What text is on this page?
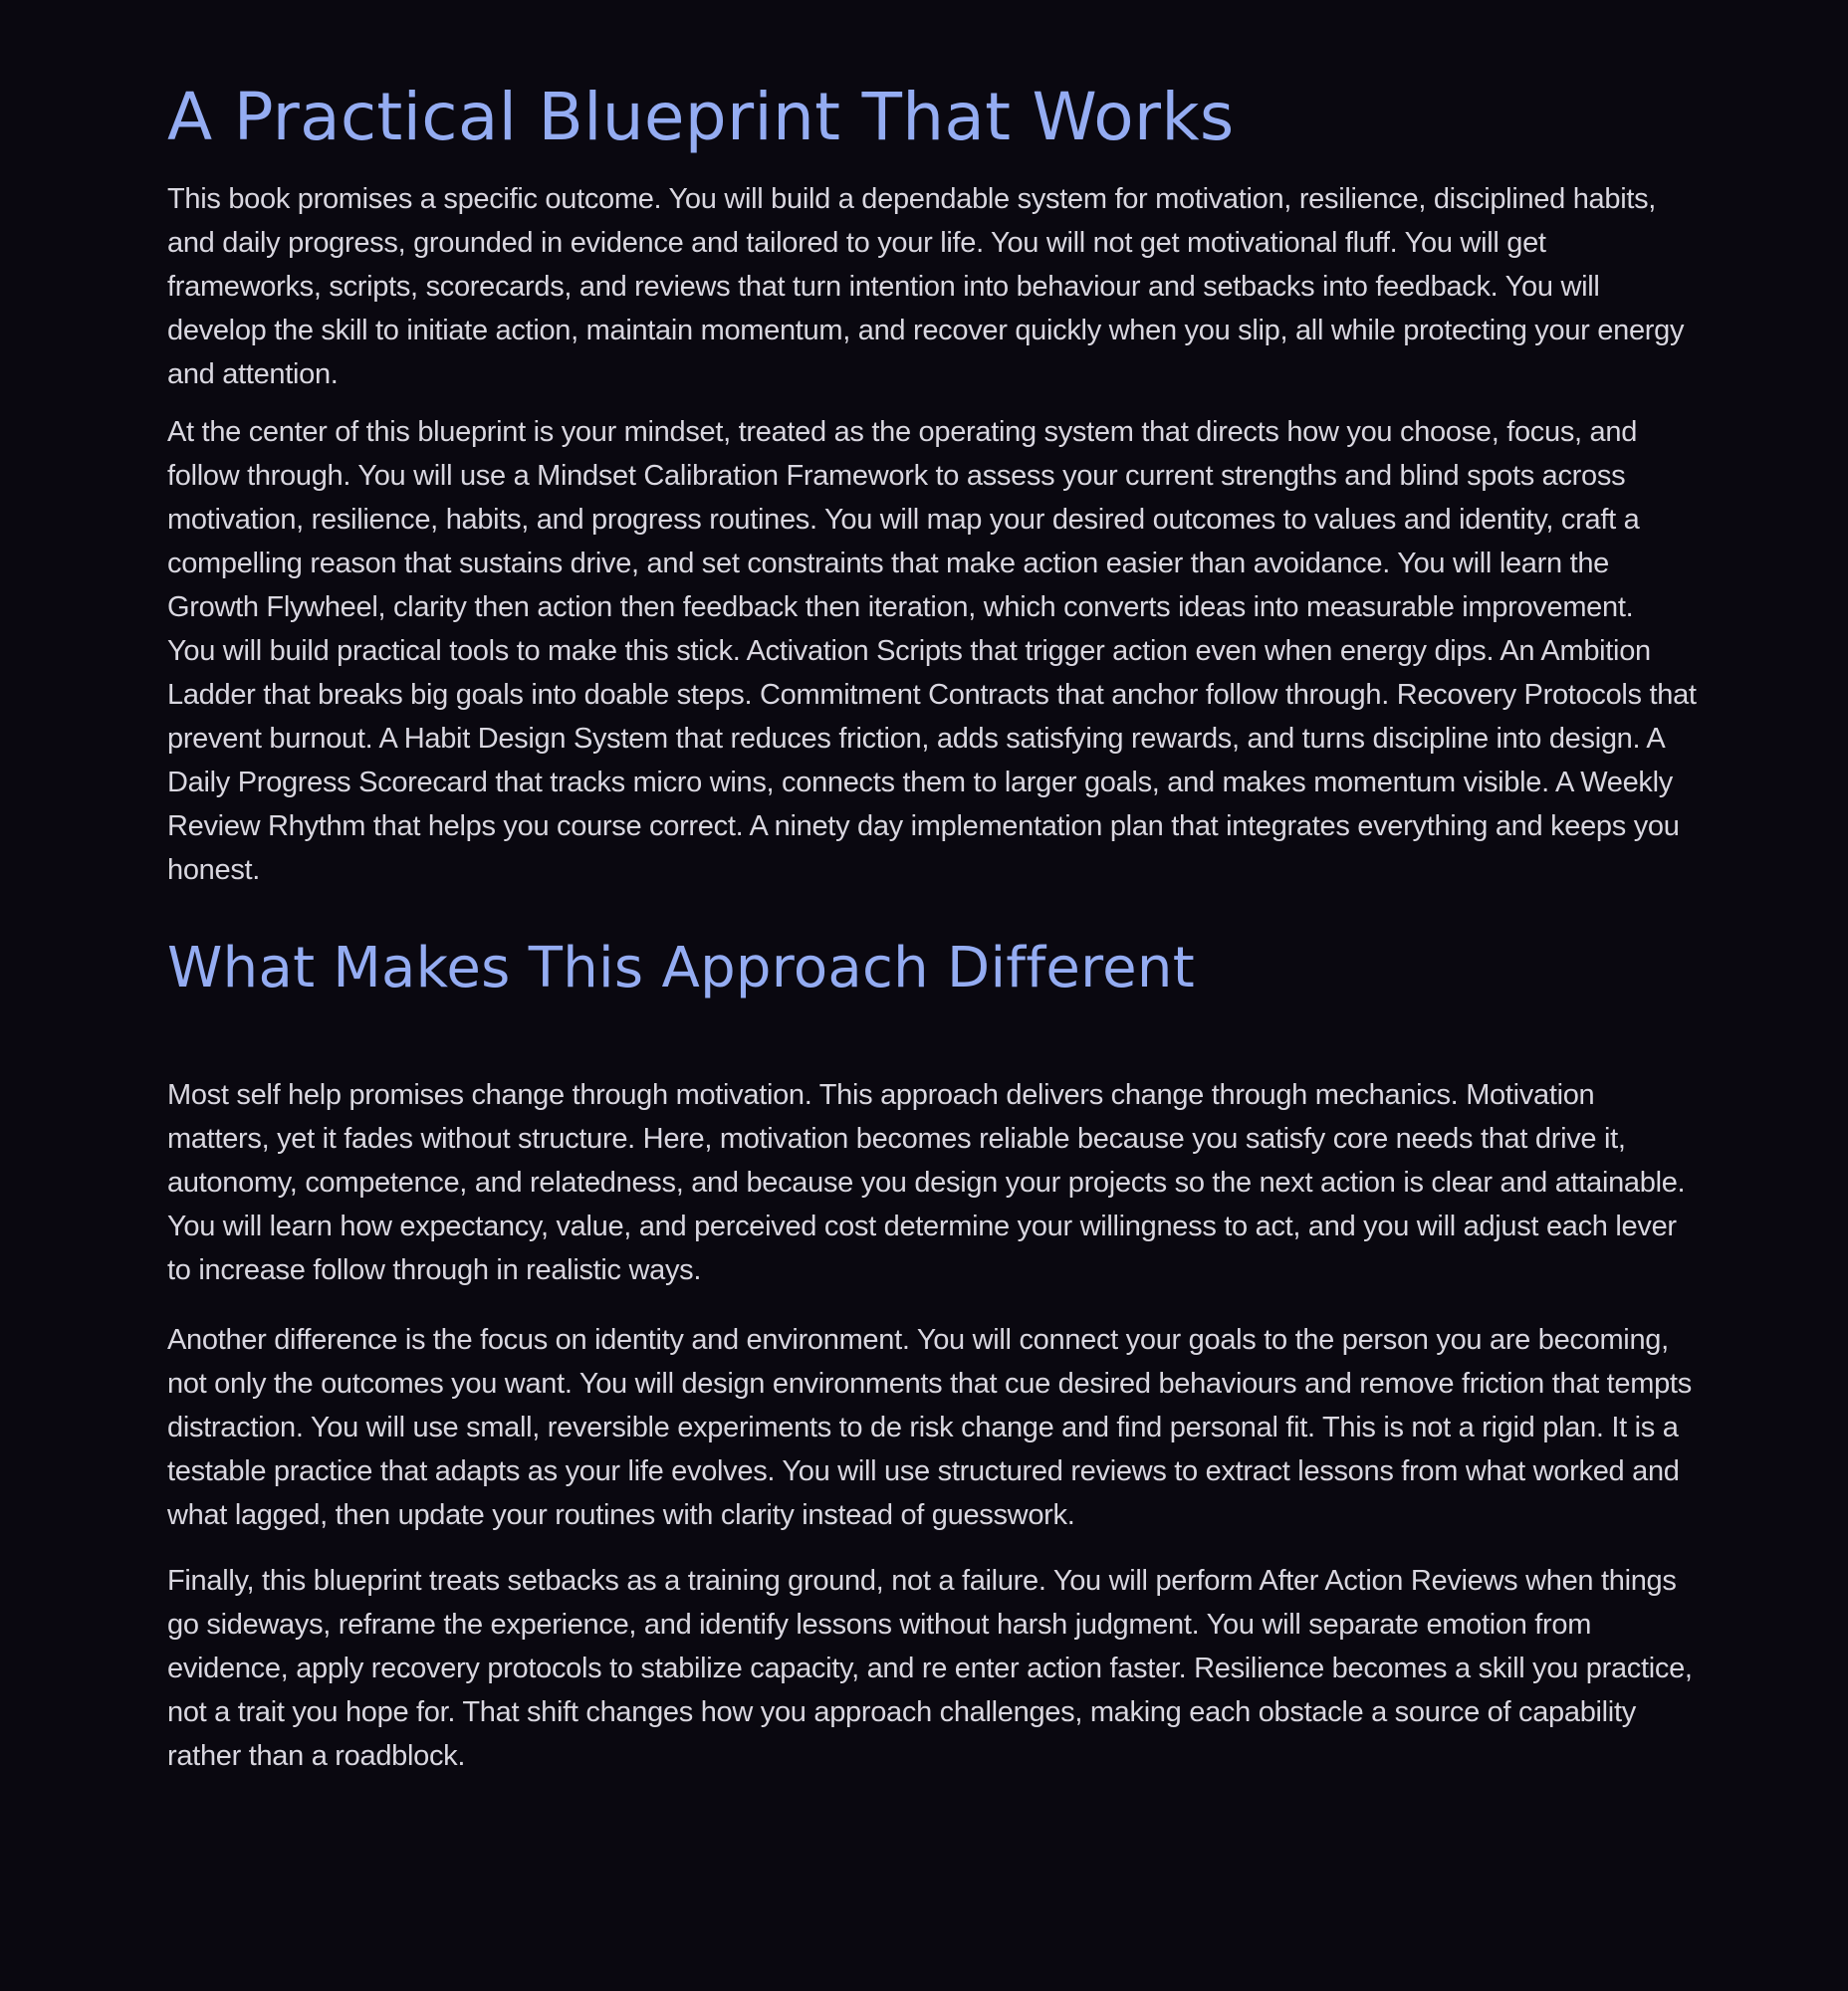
A Practical Blueprint That Works

This book promises a specific outcome. You will build a dependable system for motivation, resilience, disciplined habits, and daily progress, grounded in evidence and tailored to your life. You will not get motivational fluff. You will get frameworks, scripts, scorecards, and reviews that turn intention into behaviour and setbacks into feedback. You will develop the skill to initiate action, maintain momentum, and recover quickly when you slip, all while protecting your energy and attention.

At the center of this blueprint is your mindset, treated as the operating system that directs how you choose, focus, and follow through. You will use a Mindset Calibration Framework to assess your current strengths and blind spots across motivation, resilience, habits, and progress routines. You will map your desired outcomes to values and identity, craft a compelling reason that sustains drive, and set constraints that make action easier than avoidance. You will learn the Growth Flywheel, clarity then action then feedback then iteration, which converts ideas into measurable improvement.

You will build practical tools to make this stick. Activation Scripts that trigger action even when energy dips. An Ambition Ladder that breaks big goals into doable steps. Commitment Contracts that anchor follow through. Recovery Protocols that prevent burnout. A Habit Design System that reduces friction, adds satisfying rewards, and turns discipline into design. A Daily Progress Scorecard that tracks micro wins, connects them to larger goals, and makes momentum visible. A Weekly Review Rhythm that helps you course correct. A ninety day implementation plan that integrates everything and keeps you honest.

What Makes This Approach Different

Most self help promises change through motivation. This approach delivers change through mechanics. Motivation matters, yet it fades without structure. Here, motivation becomes reliable because you satisfy core needs that drive it, autonomy, competence, and relatedness, and because you design your projects so the next action is clear and attainable. You will learn how expectancy, value, and perceived cost determine your willingness to act, and you will adjust each lever to increase follow through in realistic ways.

Another difference is the focus on identity and environment. You will connect your goals to the person you are becoming, not only the outcomes you want. You will design environments that cue desired behaviours and remove friction that tempts distraction. You will use small, reversible experiments to de risk change and find personal fit. This is not a rigid plan. It is a testable practice that adapts as your life evolves. You will use structured reviews to extract lessons from what worked and what lagged, then update your routines with clarity instead of guesswork.

Finally, this blueprint treats setbacks as a training ground, not a failure. You will perform After Action Reviews when things go sideways, reframe the experience, and identify lessons without harsh judgment. You will separate emotion from evidence, apply recovery protocols to stabilize capacity, and re enter action faster. Resilience becomes a skill you practice, not a trait you hope for. That shift changes how you approach challenges, making each obstacle a source of capability rather than a roadblock.
